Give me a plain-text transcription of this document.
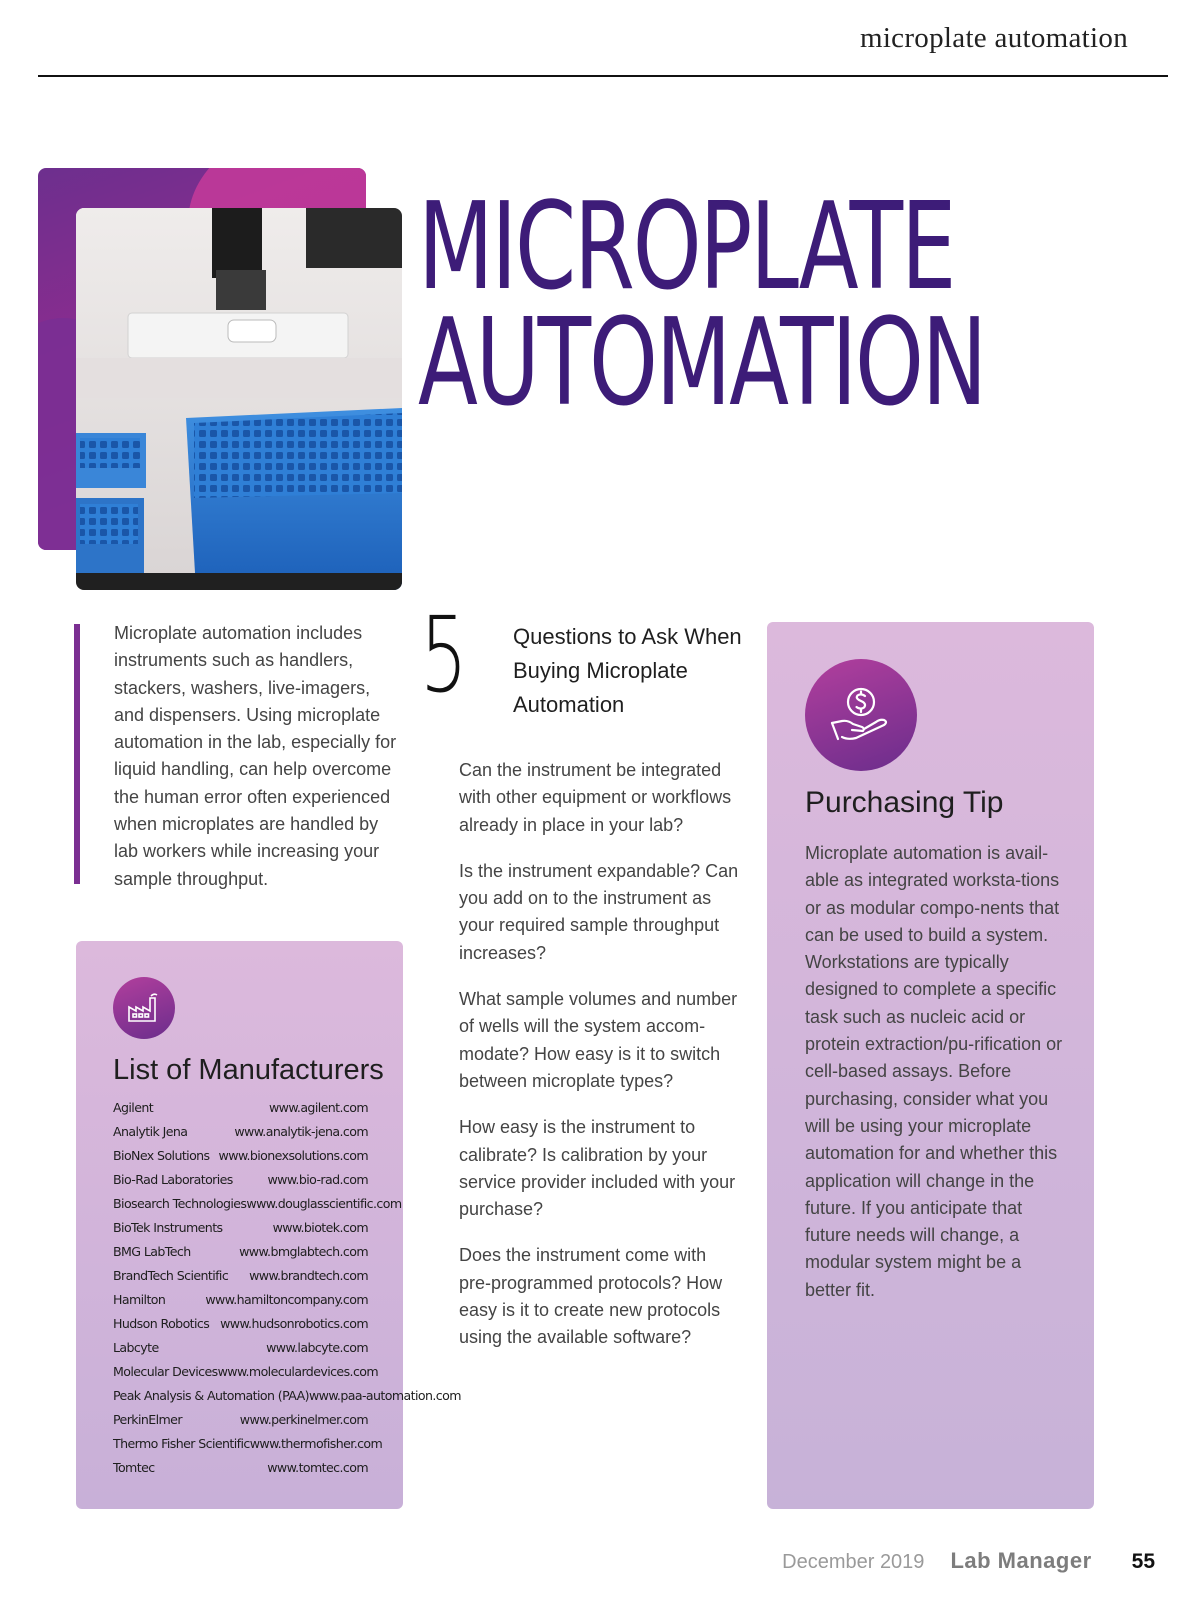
microplate automation
MICROPLATE
AUTOMATION

Microplate automation includes instruments such as handlers, stackers, washers, live-imagers, and dispensers. Using microplate automation in the lab, especially for liquid handling, can help overcome the human error often experienced when microplates are handled by lab workers while increasing your sample throughput.

List of Manufacturers
Agilent	www.agilent.com
Analytik Jena	www.analytik-jena.com
BioNex Solutions www.bionexsolutions.com
Bio-Rad Laboratories	www.bio-rad.com
Biosearch Technologies www.douglasscientific.com
BioTek Instruments	www.biotek.com
BMG LabTech	www.bmglabtech.com
BrandTech Scientific www.brandtech.com
Hamilton	www.hamiltoncompany.com
Hudson Robotics www.hudsonrobotics.com
Labcyte	www.labcyte.com
Molecular Devices www.moleculardevices.com
Peak Analysis & Automation (PAA) www.paa-automation.com
PerkinElmer	www.perkinelmer.com
Thermo Fisher Scientific www.thermofisher.com
Tomtec	www.tomtec.com
5 Questions to Ask When Buying Microplate Automation

Can the instrument be integrated with other equipment or workflows already in place in your lab?

Is the instrument expandable? Can you add on to the instrument as your required sample throughput increases?

What sample volumes and number of wells will the system accom-modate? How easy is it to switch between microplate types?

How easy is the instrument to calibrate? Is calibration by your service provider included with your purchase?

Does the instrument come with pre-programmed protocols? How easy is it to create new protocols using the available software?

Purchasing Tip

Microplate automation is avail-able as integrated worksta-tions or as modular compo-nents that can be used to build a system. Workstations are typically designed to complete a specific task such as nucleic acid or protein extraction/pu-rification or cell-based assays. Before purchasing, consider what you will be using your microplate automation for and whether this application will change in the future. If you anticipate that future needs will change, a modular system might be a better fit.

December 2019 Lab Manager 55
